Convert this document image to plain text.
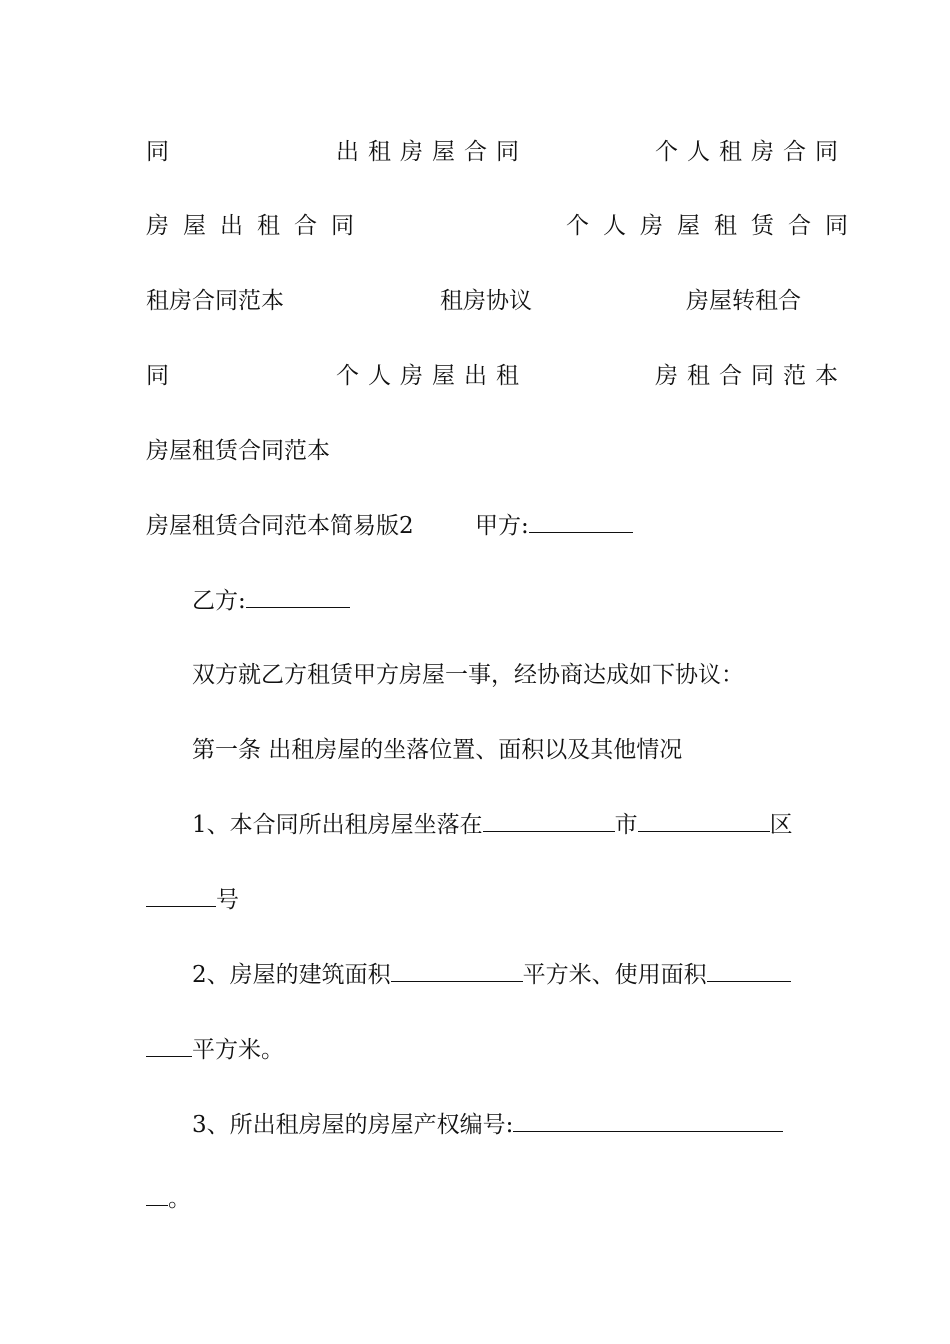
同	出租房屋合同	个人租房合同
房屋出租合同	个人房屋租赁合同
租房合同范本	租房协议	房屋转租合
同	个人房屋出租	房租合同范本
房屋租赁合同范本
房屋租赁合同范本简易版2	甲方:
乙方:
双方就乙方租赁甲方房屋一事，经协商达成如下协议：
第一条 出租房屋的坐落位置、面积以及其他情况
1、本合同所出租房屋坐落在	市	区
号
2、房屋的建筑面积	平方米、使用面积
平方米。
3、所出租房屋的房屋产权编号:
。
